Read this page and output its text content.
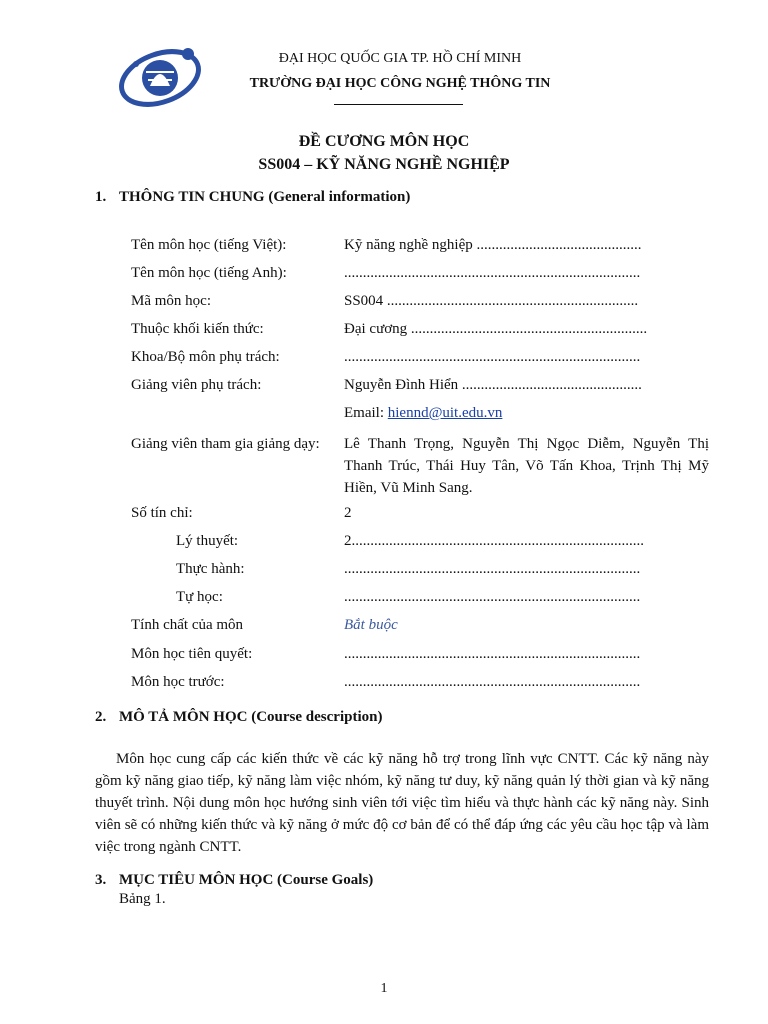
ĐẠI HỌC QUỐC GIA TP. HỒ CHÍ MINH
TRƯỜNG ĐẠI HỌC CÔNG NGHỆ THÔNG TIN
ĐỀ CƯƠNG MÔN HỌC
SS004 – KỸ NĂNG NGHỀ NGHIỆP
1. THÔNG TIN CHUNG (General information)
Tên môn học (tiếng Việt):	Kỹ năng nghề nghiệp ............................................
Tên môn học (tiếng Anh):	...............................................................................
Mã môn học:	SS004 ...................................................................
Thuộc khối kiến thức:	Đại cương ...............................................................
Khoa/Bộ môn phụ trách:	...............................................................................
Giảng viên phụ trách:	Nguyễn Đình Hiển ................................................
Email: hiennd@uit.edu.vn
Giảng viên tham gia giảng dạy:	Lê Thanh Trọng, Nguyễn Thị Ngọc Diễm, Nguyễn Thị Thanh Trúc, Thái Huy Tân, Võ Tấn Khoa, Trịnh Thị Mỹ Hiền, Vũ Minh Sang.
Số tín chỉ:	2
Lý thuyết:	2..............................................................................
Thực hành:	...............................................................................
Tự học:	...............................................................................
Tính chất của môn	Bắt buộc
Môn học tiên quyết:	...............................................................................
Môn học trước:	...............................................................................
2. MÔ TẢ MÔN HỌC (Course description)
Môn học cung cấp các kiến thức về các kỹ năng hỗ trợ trong lĩnh vực CNTT. Các kỹ năng này gồm kỹ năng giao tiếp, kỹ năng làm việc nhóm, kỹ năng tư duy, kỹ năng quản lý thời gian và kỹ năng thuyết trình. Nội dung môn học hướng sinh viên tới việc tìm hiểu và thực hành các kỹ năng này. Sinh viên sẽ có những kiến thức và kỹ năng ở mức độ cơ bản để có thể đáp ứng các yêu cầu học tập và làm việc trong ngành CNTT.
3. MỤC TIÊU MÔN HỌC (Course Goals)
Bảng 1.
1
